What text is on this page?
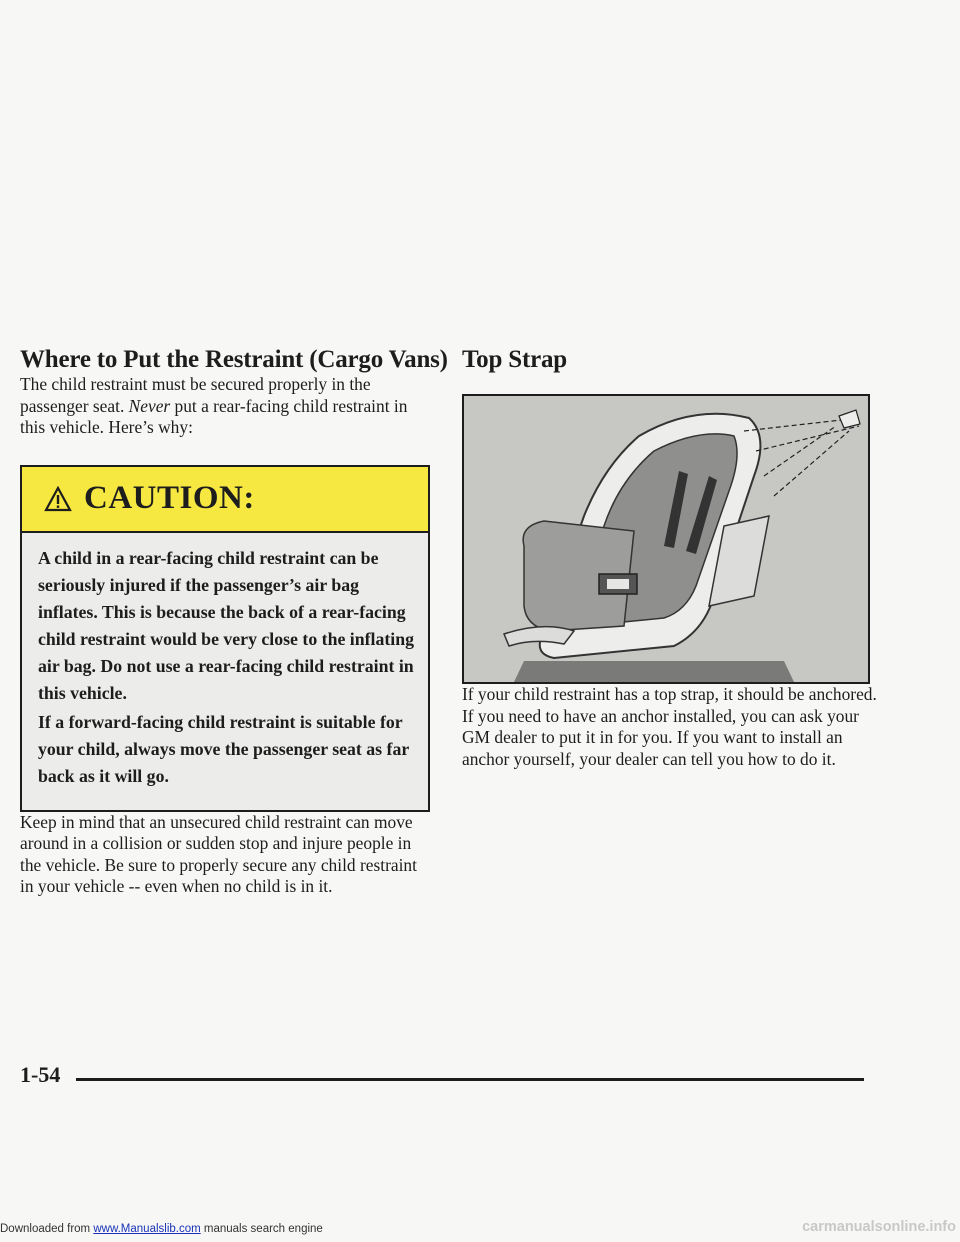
Where to Put the Restraint (Cargo Vans)

The child restraint must be secured properly in the passenger seat. Never put a rear-facing child restraint in this vehicle. Here’s why:

CAUTION:

A child in a rear-facing child restraint can be seriously injured if the passenger’s air bag inflates. This is because the back of a rear-facing child restraint would be very close to the inflating air bag. Do not use a rear-facing child restraint in this vehicle.

If a forward-facing child restraint is suitable for your child, always move the passenger seat as far back as it will go.

Keep in mind that an unsecured child restraint can move around in a collision or sudden stop and injure people in the vehicle. Be sure to properly secure any child restraint in your vehicle -- even when no child is in it.

Top Strap

If your child restraint has a top strap, it should be anchored. If you need to have an anchor installed, you can ask your GM dealer to put it in for you. If you want to install an anchor yourself, your dealer can tell you how to do it.

1-54
Downloaded from www.Manualslib.com manuals search engine	carmanualsonline.info
